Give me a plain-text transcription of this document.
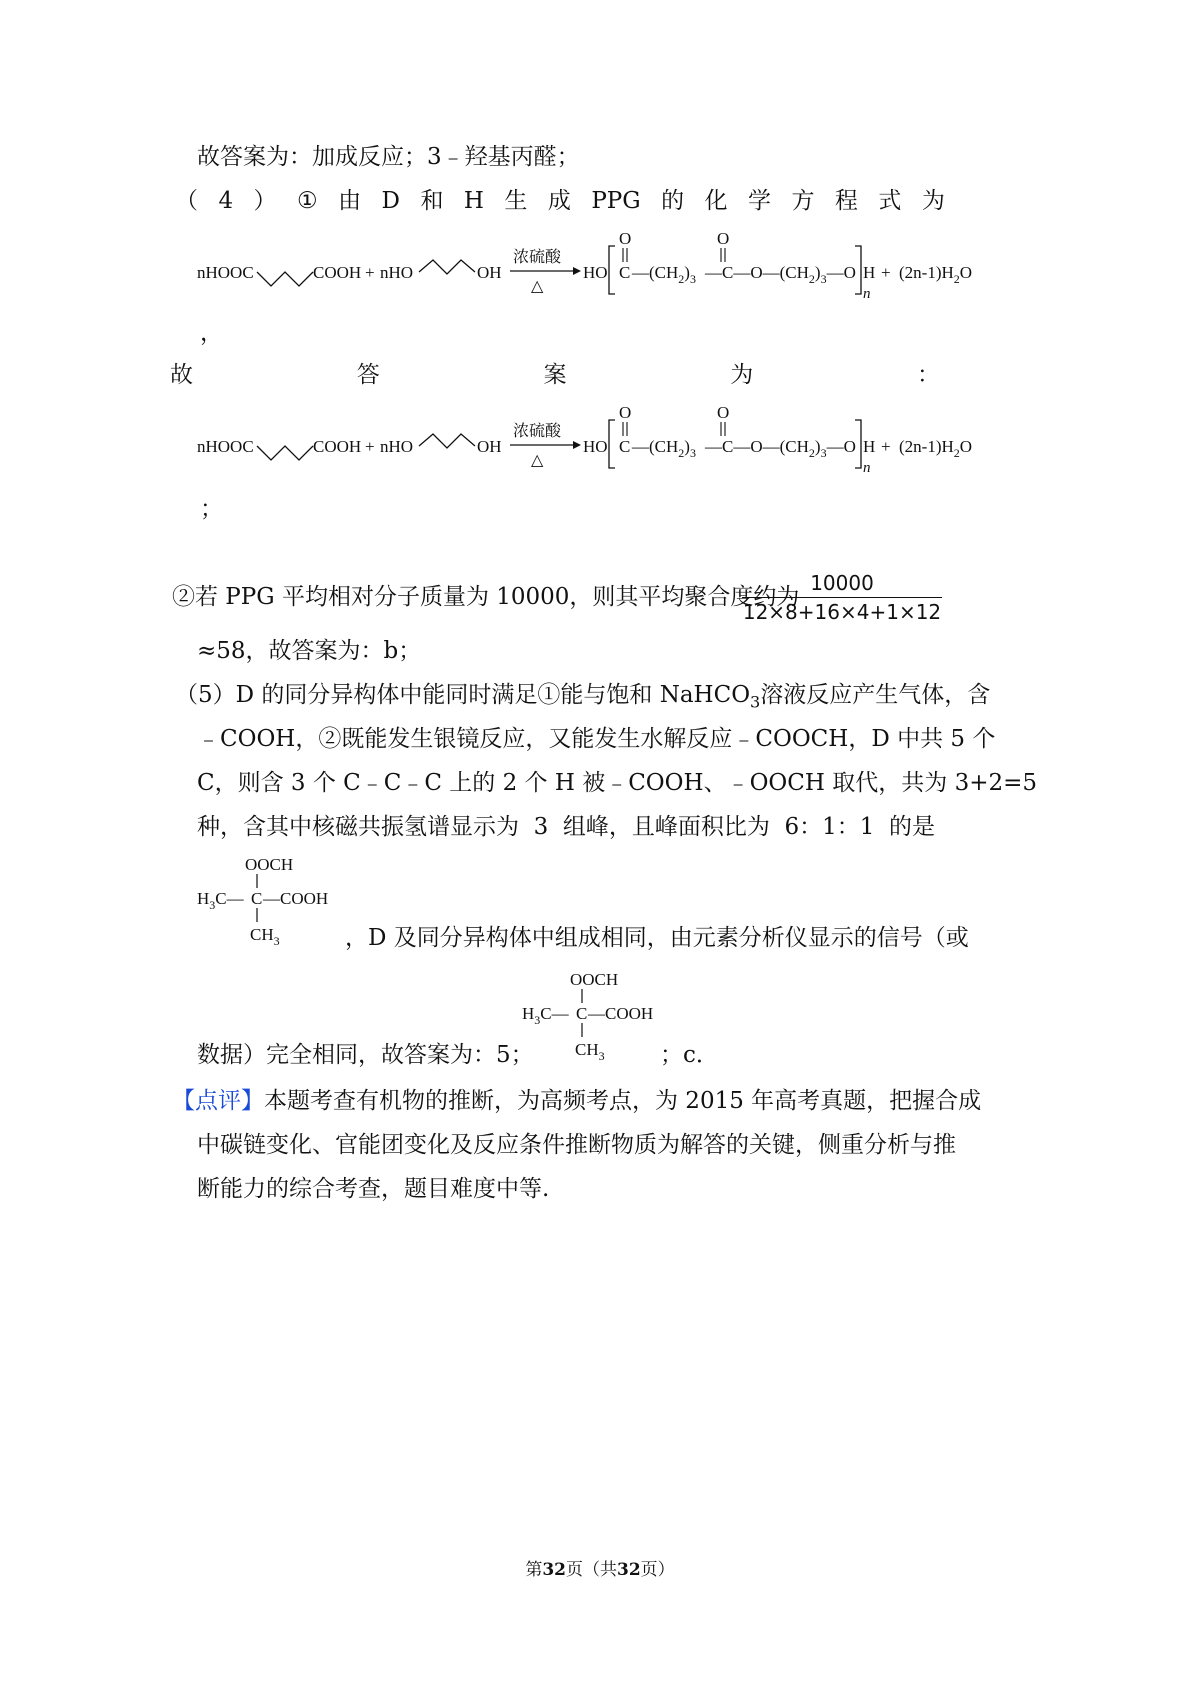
故答案为：加成反应；3﹣羟基丙醛；
（ 4 ） ① 由 D 和 H 生 成 PPG 的 化 学 方 程 式 为
nHOOC	COOH + nHO	OH
浓硫酸
△
HO
O
C $—(CH_2)_3$
O
$—C—O—(CH_2)_3—O$ H
n
+ $(2n-1)H_2O$
，
故	答	案	为	：
nHOOC	COOH + nHO	OH
浓硫酸
△
HO
O
C $—(CH_2)_3$
O
$—C—O—(CH_2)_3—O$ H
n
+ $(2n-1)H_2O$
；
②若 PPG 平均相对分子质量为 10000，则其平均聚合度约为
$\frac{10000}{12\times 8+16\times 4+1\times 12}$
≈58，故答案为：b；
（5）D 的同分异构体中能同时满足①能与饱和 NaHCO$_3$溶液反应产生气体，含
﹣COOH，②既能发生银镜反应，又能发生水解反应﹣COOCH，D 中共 5 个
C，则含 3 个 C﹣C﹣C 上的 2 个 H 被﹣COOH、﹣OOCH 取代，共为 3+2=5
种，含其中核磁共振氢谱显示为  3  组峰，且峰面积比为  6：1：1  的是
OOCH
$H_3C—$ C —COOH
$CH_3$	，D 及同分异构体中组成相同，由元素分析仪显示的信号（或
OOCH
$H_3C—$ C —COOH
$CH_3$
数据）完全相同，故答案为：5；	；c．
【点评】本题考查有机物的推断，为高频考点，为 2015 年高考真题，把握合成
中碳链变化、官能团变化及反应条件推断物质为解答的关键，侧重分析与推
断能力的综合考查，题目难度中等.
第32页（共32页）
